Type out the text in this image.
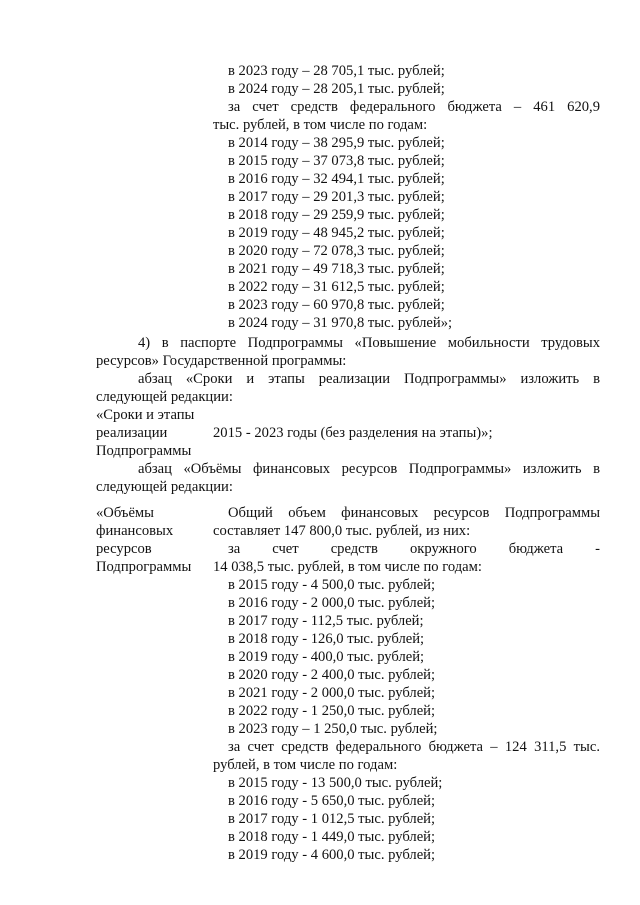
в 2023 году – 28 705,1 тыс. рублей;
в 2024 году – 28 205,1 тыс. рублей;
за счет средств федерального бюджета – 461 620,9
тыс. рублей, в том числе по годам:
в 2014 году – 38 295,9 тыс. рублей;
в 2015 году – 37 073,8 тыс. рублей;
в 2016 году – 32 494,1 тыс. рублей;
в 2017 году – 29 201,3 тыс. рублей;
в 2018 году – 29 259,9 тыс. рублей;
в 2019 году – 48 945,2 тыс. рублей;
в 2020 году – 72 078,3 тыс. рублей;
в 2021 году – 49 718,3 тыс. рублей;
в 2022 году – 31 612,5 тыс. рублей;
в 2023 году – 60 970,8 тыс. рублей;
в 2024 году – 31 970,8 тыс. рублей»;
4) в паспорте Подпрограммы «Повышение мобильности трудовых
ресурсов» Государственной программы:
абзац «Сроки и этапы реализации Подпрограммы» изложить в
следующей редакции:
«Сроки и этапы
реализации	2015 - 2023 годы (без разделения на этапы)»;
Подпрограммы
абзац «Объёмы финансовых ресурсов Подпрограммы» изложить в
следующей редакции:
«Объёмы
финансовых
ресурсов
Подпрограммы
Общий объем финансовых ресурсов Подпрограммы
составляет 147 800,0 тыс. рублей, из них:
за счет средств окружного бюджета -
14 038,5 тыс. рублей, в том числе по годам:
в 2015 году - 4 500,0 тыс. рублей;
в 2016 году - 2 000,0 тыс. рублей;
в 2017 году - 112,5 тыс. рублей;
в 2018 году - 126,0 тыс. рублей;
в 2019 году - 400,0 тыс. рублей;
в 2020 году - 2 400,0 тыс. рублей;
в 2021 году - 2 000,0 тыс. рублей;
в 2022 году - 1 250,0 тыс. рублей;
в 2023 году – 1 250,0 тыс. рублей;
за счет средств федерального бюджета – 124 311,5 тыс.
рублей, в том числе по годам:
в 2015 году - 13 500,0 тыс. рублей;
в 2016 году - 5 650,0 тыс. рублей;
в 2017 году - 1 012,5 тыс. рублей;
в 2018 году - 1 449,0 тыс. рублей;
в 2019 году - 4 600,0 тыс. рублей;
